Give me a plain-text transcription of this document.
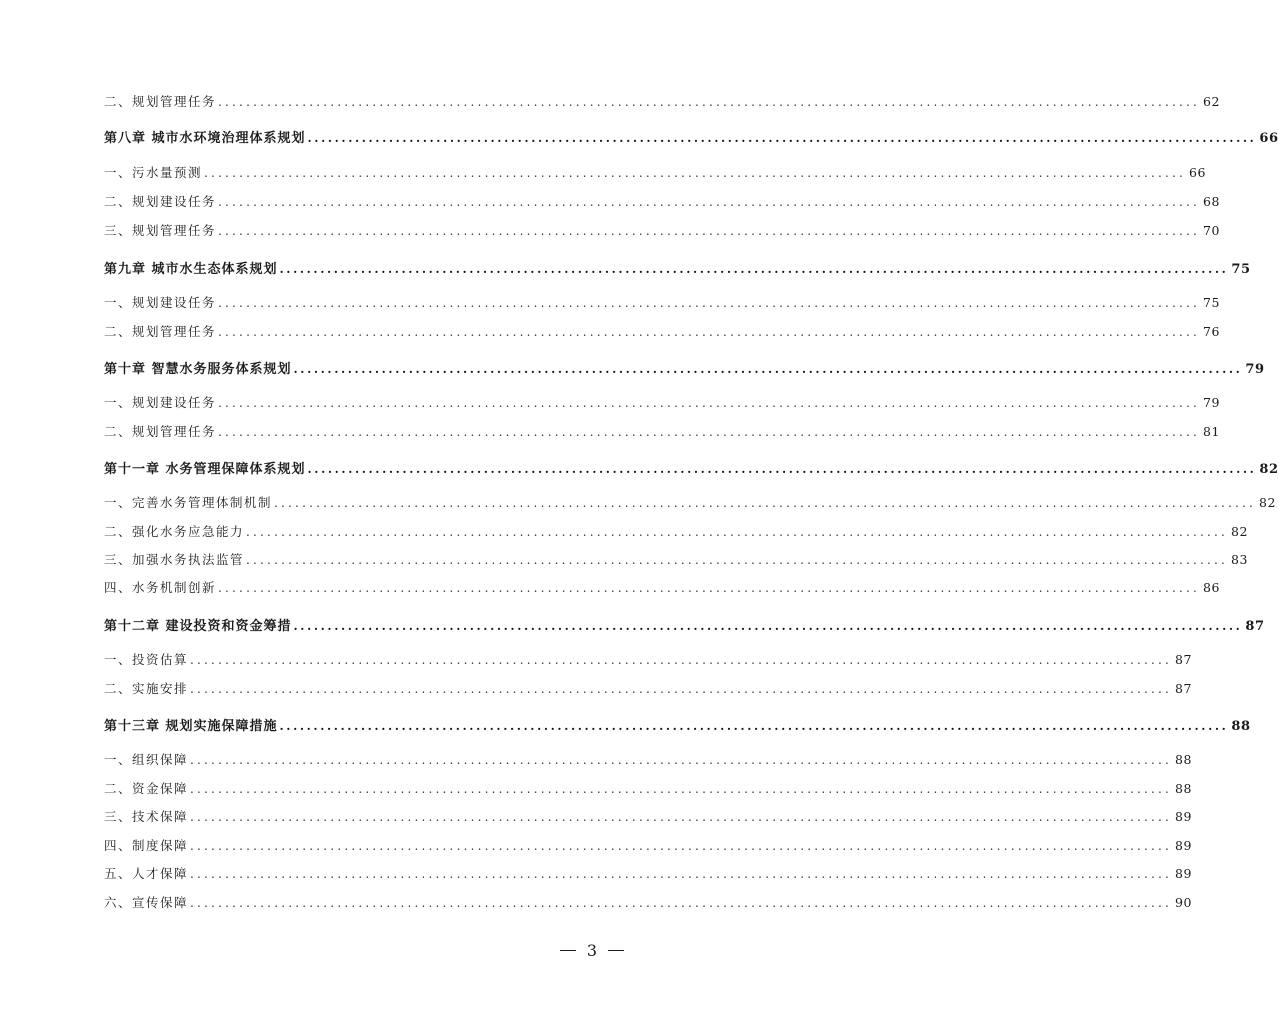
二、规划管理任务 ............................................................................................................................................ 62
第八章 城市水环境治理体系规划 ............................................................................................................................................ 66
一、污水量预测 ............................................................................................................................................ 66
二、规划建设任务 ............................................................................................................................................ 68
三、规划管理任务 ............................................................................................................................................ 70
第九章 城市水生态体系规划 ............................................................................................................................................ 75
一、规划建设任务 ............................................................................................................................................ 75
二、规划管理任务 ............................................................................................................................................ 76
第十章 智慧水务服务体系规划 ............................................................................................................................................ 79
一、规划建设任务 ............................................................................................................................................ 79
二、规划管理任务 ............................................................................................................................................ 81
第十一章 水务管理保障体系规划 ............................................................................................................................................ 82
一、完善水务管理体制机制 ............................................................................................................................................ 82
二、强化水务应急能力 ............................................................................................................................................ 82
三、加强水务执法监管 ............................................................................................................................................ 83
四、水务机制创新 ............................................................................................................................................ 86
第十二章 建设投资和资金筹措 ............................................................................................................................................ 87
一、投资估算 ............................................................................................................................................ 87
二、实施安排 ............................................................................................................................................ 87
第十三章 规划实施保障措施 ............................................................................................................................................ 88
一、组织保障 ............................................................................................................................................ 88
二、资金保障 ............................................................................................................................................ 88
三、技术保障 ............................................................................................................................................ 89
四、制度保障 ............................................................................................................................................ 89
五、人才保障 ............................................................................................................................................ 89
六、宣传保障 ............................................................................................................................................ 90
3
